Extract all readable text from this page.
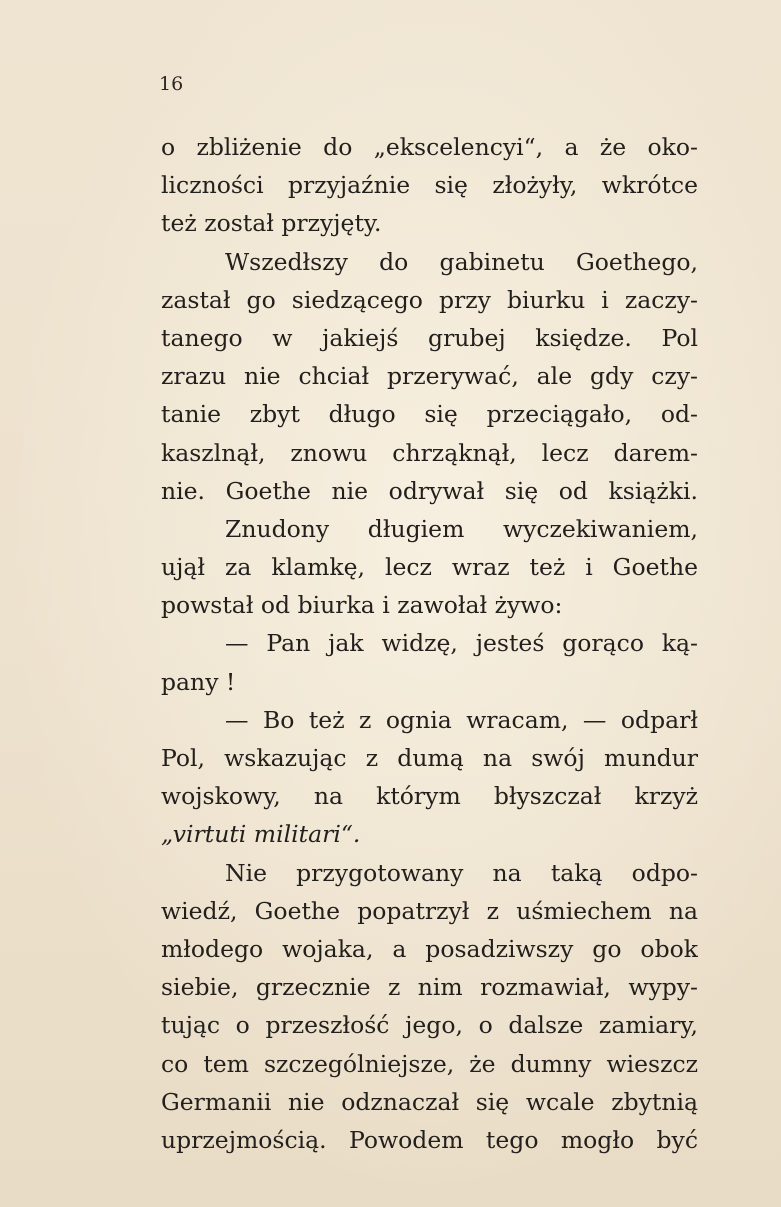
16
o zbliżenie do „ekscelencyi“, a że oko-
liczności przyjaźnie się złożyły, wkrótce
też został przyjęty.
Wszedłszy do gabinetu Goethego,
zastał go siedzącego przy biurku i zaczy-
tanego w jakiejś grubej księdze. Pol
zrazu nie chciał przerywać, ale gdy czy-
tanie zbyt długo się przeciągało, od-
kaszlnął, znowu chrząknął, lecz darem-
nie. Goethe nie odrywał się od książki.
Znudony długiem wyczekiwaniem,
ujął za klamkę, lecz wraz też i Goethe
powstał od biurka i zawołał żywo:
— Pan jak widzę, jesteś gorąco ką-
pany !
— Bo też z ognia wracam, — odparł
Pol, wskazując z dumą na swój mundur
wojskowy, na którym błyszczał krzyż
„virtuti militari“.
Nie przygotowany na taką odpo-
wiedź, Goethe popatrzył z uśmiechem na
młodego wojaka, a posadziwszy go obok
siebie, grzecznie z nim rozmawiał, wypy-
tując o przeszłość jego, o dalsze zamiary,
co tem szczególniejsze, że dumny wieszcz
Germanii nie odznaczał się wcale zbytnią
uprzejmością. Powodem tego mogło być
